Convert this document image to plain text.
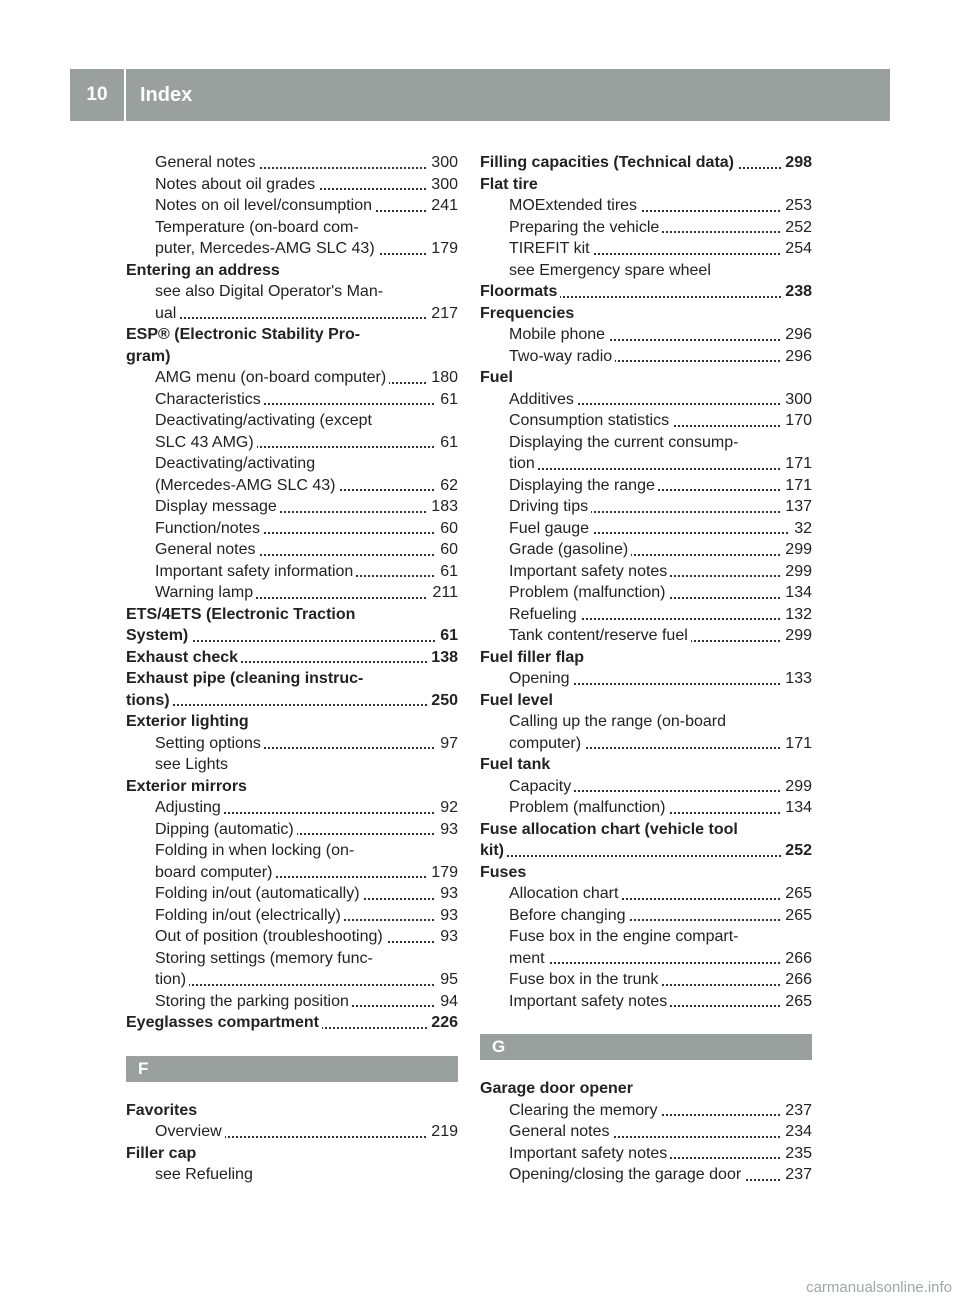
10	Index
General notes	300
Notes about oil grades	300
Notes on oil level/consumption	241
Temperature (on-board com-
puter, Mercedes-AMG SLC 43)	179
Entering an address
see also Digital Operator's Man-
ual	217
ESP® (Electronic Stability Pro-
gram)
AMG menu (on-board computer)	180
Characteristics	61
Deactivating/activating (except
SLC 43 AMG)	61
Deactivating/activating
(Mercedes-AMG SLC 43)	62
Display message	183
Function/notes	60
General notes	60
Important safety information	61
Warning lamp	211
ETS/4ETS (Electronic Traction
System)	61
Exhaust check	138
Exhaust pipe (cleaning instruc-
tions)	250
Exterior lighting
Setting options	97
see Lights
Exterior mirrors
Adjusting	92
Dipping (automatic)	93
Folding in when locking (on-
board computer)	179
Folding in/out (automatically)	93
Folding in/out (electrically)	93
Out of position (troubleshooting)	93
Storing settings (memory func-
tion)	95
Storing the parking position	94
Eyeglasses compartment	226
F
Favorites
Overview	219
Filler cap
see Refueling
Filling capacities (Technical data)	298
Flat tire
MOExtended tires	253
Preparing the vehicle	252
TIREFIT kit	254
see Emergency spare wheel
Floormats	238
Frequencies
Mobile phone	296
Two-way radio	296
Fuel
Additives	300
Consumption statistics	170
Displaying the current consump-
tion	171
Displaying the range	171
Driving tips	137
Fuel gauge	32
Grade (gasoline)	299
Important safety notes	299
Problem (malfunction)	134
Refueling	132
Tank content/reserve fuel	299
Fuel filler flap
Opening	133
Fuel level
Calling up the range (on-board
computer)	171
Fuel tank
Capacity	299
Problem (malfunction)	134
Fuse allocation chart (vehicle tool
kit)	252
Fuses
Allocation chart	265
Before changing	265
Fuse box in the engine compart-
ment	266
Fuse box in the trunk	266
Important safety notes	265
G
Garage door opener
Clearing the memory	237
General notes	234
Important safety notes	235
Opening/closing the garage door	237
carmanualsonline.info
